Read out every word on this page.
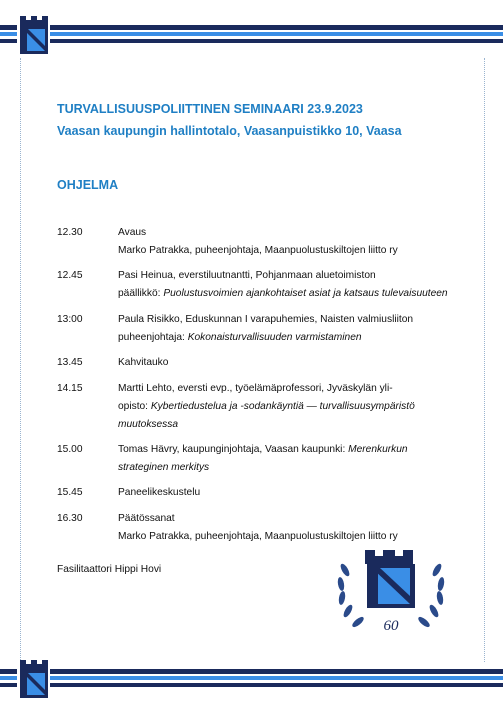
TURVALLISUUSPOLIITTINEN SEMINAARI 23.9.2023
Vaasan kaupungin hallintotalo, Vaasanpuistikko 10, Vaasa
OHJELMA
12.30	Avaus
Marko Patrakka, puheenjohtaja, Maanpuolustuskiltojen liitto ry
12.45	Pasi Heinua, everstiluutnantti, Pohjanmaan aluetoimiston
päällikkö: Puolustusvoimien ajankohtaiset asiat ja katsaus tulevaisuuteen
13:00	Paula Risikko, Eduskunnan I varapuhemies, Naisten valmiusliiton
puheenjohtaja: Kokonaisturvallisuuden varmistaminen
13.45	Kahvitauko
14.15	Martti Lehto, eversti evp., työelämäprofessori, Jyväskylän yli-
opisto: Kybertiedustelua ja -sodankäyntiä — turvallisuusympäristö muutoksessa
15.00	Tomas Hävry, kaupunginjohtaja, Vaasan kaupunki: Merenkurkun strateginen merkitys
15.45	Paneelikeskustelu
16.30	Päätössanat
Marko Patrakka, puheenjohtaja, Maanpuolustuskiltojen liitto ry
Fasilitaattori Hippi Hovi
60
